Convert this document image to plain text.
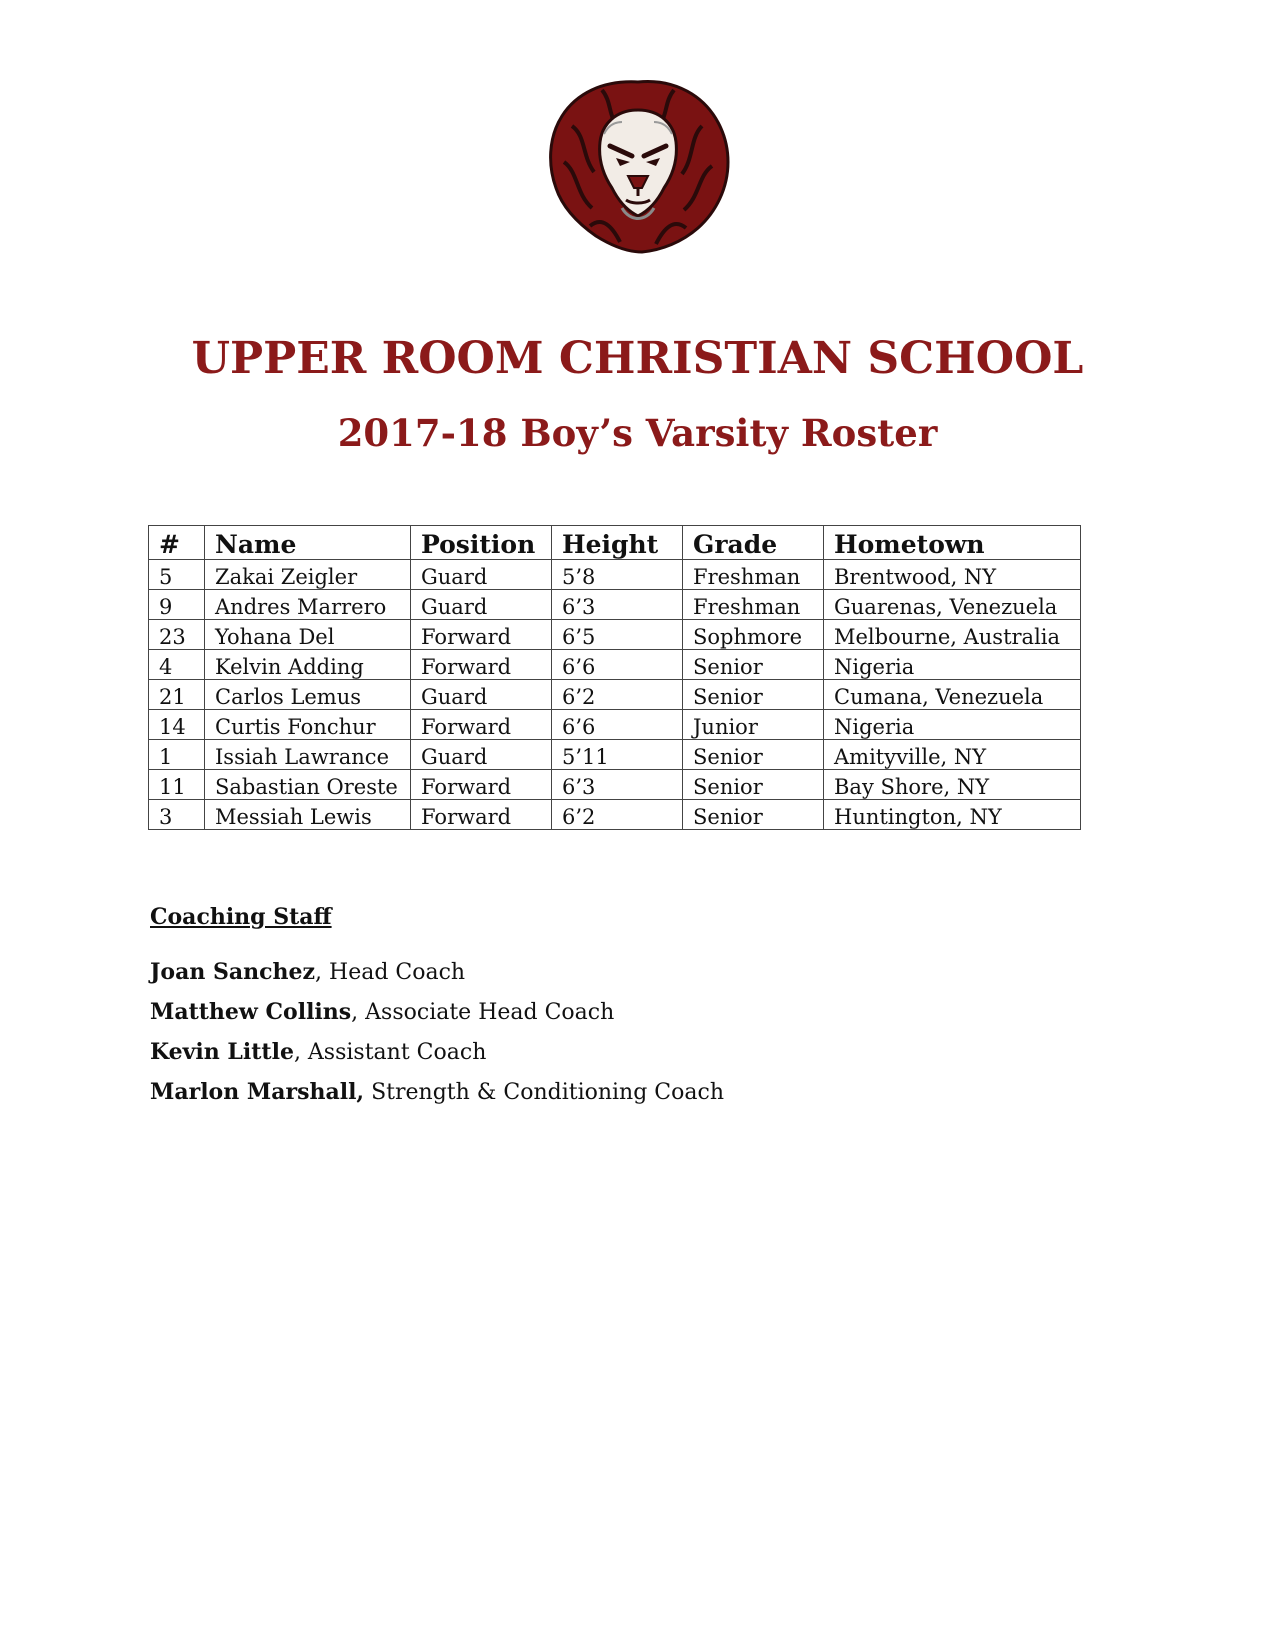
UPPER ROOM CHRISTIAN SCHOOL
2017-18 Boy’s Varsity Roster
#	Name	Position	Height	Grade	Hometown
5	Zakai Zeigler	Guard	5’8	Freshman	Brentwood, NY
9	Andres Marrero	Guard	6’3	Freshman	Guarenas, Venezuela
23	Yohana Del	Forward	6’5	Sophmore	Melbourne, Australia
4	Kelvin Adding	Forward	6’6	Senior	Nigeria
21	Carlos Lemus	Guard	6’2	Senior	Cumana, Venezuela
14	Curtis Fonchur	Forward	6’6	Junior	Nigeria
1	Issiah Lawrance	Guard	5’11	Senior	Amityville, NY
11	Sabastian Oreste	Forward	6’3	Senior	Bay Shore, NY
3	Messiah Lewis	Forward	6’2	Senior	Huntington, NY
Coaching Staff
Joan Sanchez, Head Coach
Matthew Collins, Associate Head Coach
Kevin Little, Assistant Coach
Marlon Marshall, Strength & Conditioning Coach
